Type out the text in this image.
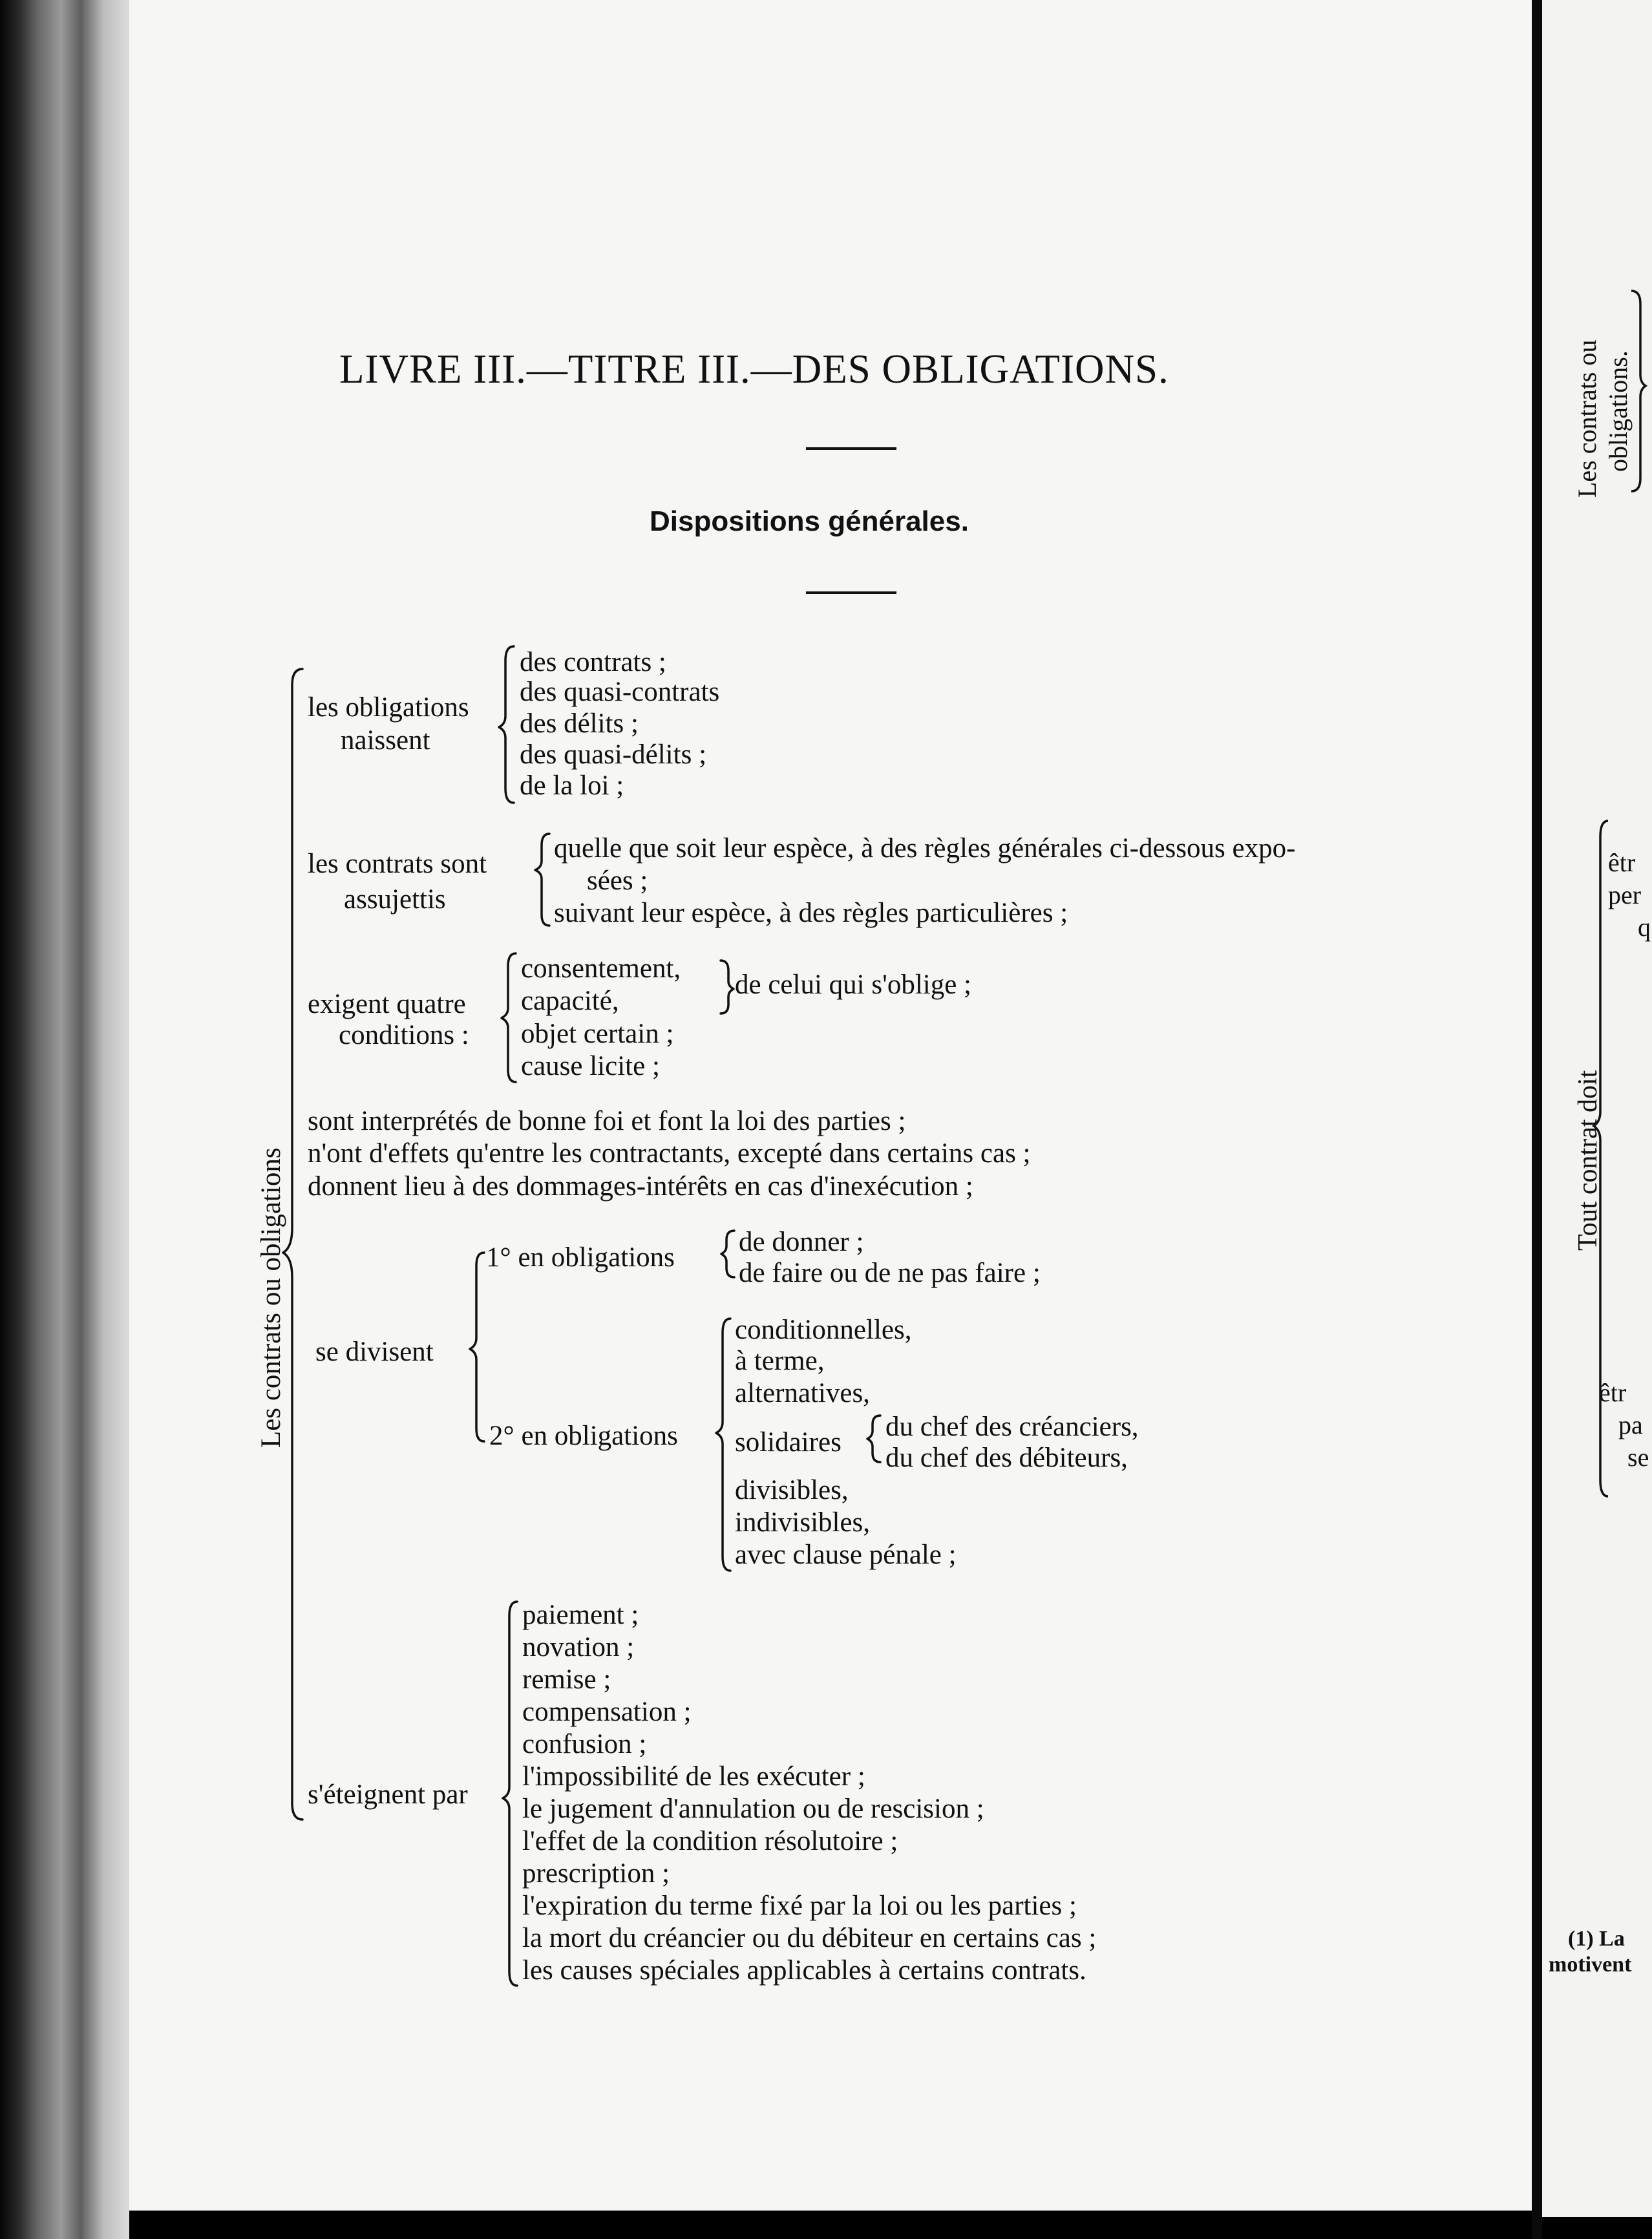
LIVRE III.—TITRE III.—DES OBLIGATIONS.
Dispositions générales.
Les contrats ou obligations
les obligations
naissent
des contrats ;
des quasi-contrats
des délits ;
des quasi-délits ;
de la loi ;
les contrats sont
assujettis
quelle que soit leur espèce, à des règles générales ci-dessous expo-
sées ;
suivant leur espèce, à des règles particulières ;
exigent quatre
conditions :
consentement,
capacité,
objet certain ;
cause licite ;
de celui qui s'oblige ;
sont interprétés de bonne foi et font la loi des parties ;
n'ont d'effets qu'entre les contractants, excepté dans certains cas ;
donnent lieu à des dommages-intérêts en cas d'inexécution ;
se divisent
1° en obligations
de donner ;
de faire ou de ne pas faire ;
2° en obligations
conditionnelles,
à terme,
alternatives,
solidaires
du chef des créanciers,
du chef des débiteurs,
divisibles,
indivisibles,
avec clause pénale ;
s'éteignent par
paiement ;
novation ;
remise ;
compensation ;
confusion ;
l'impossibilité de les exécuter ;
le jugement d'annulation ou de rescision ;
l'effet de la condition résolutoire ;
prescription ;
l'expiration du terme fixé par la loi ou les parties ;
la mort du créancier ou du débiteur en certains cas ;
les causes spéciales applicables à certains contrats.
Les contrats ou obligations.
Tout contrat doit
êtr
per
q
êtr
pa
se
(1) La
motivent
